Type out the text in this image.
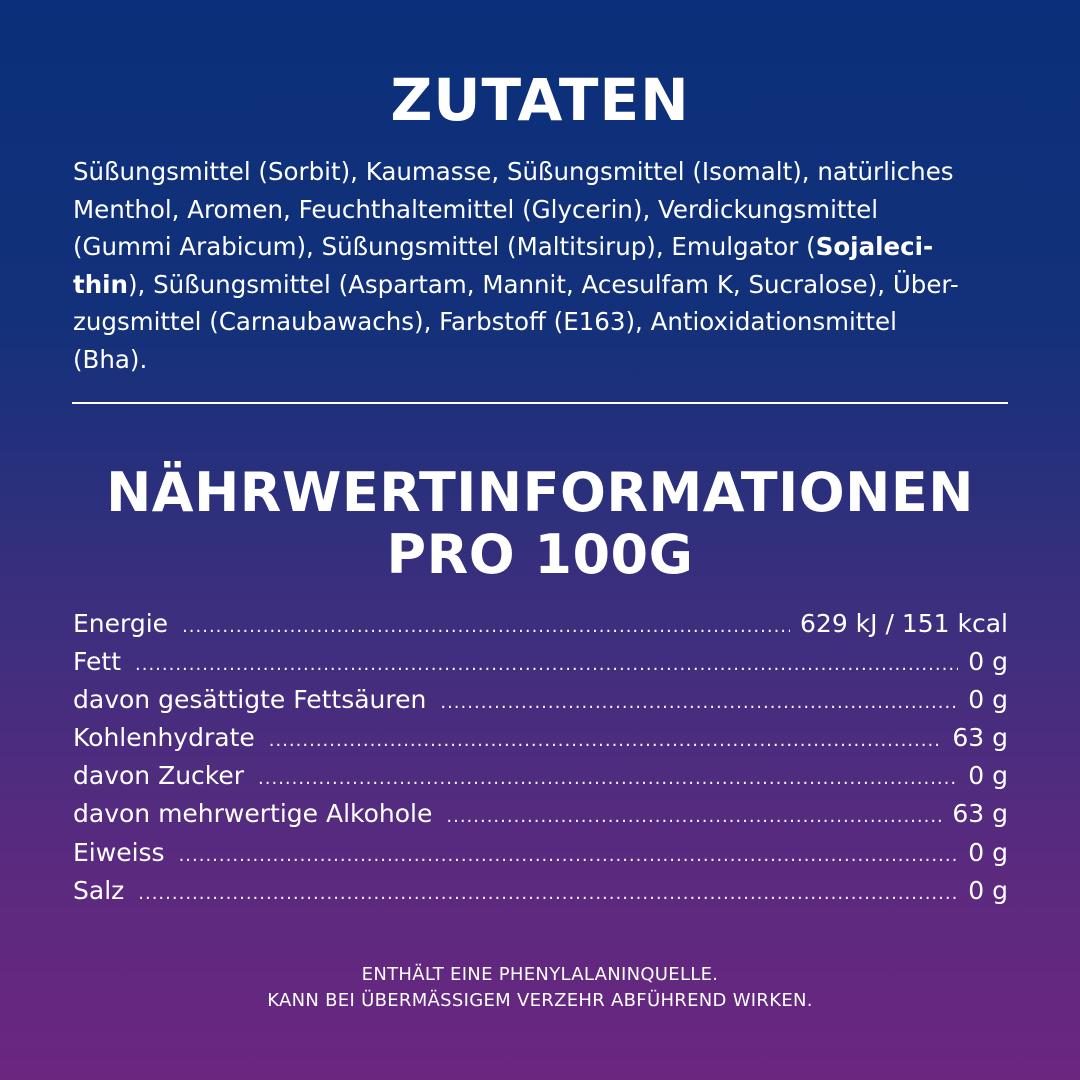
ZUTATEN
Süßungsmittel (Sorbit), Kaumasse, Süßungsmittel (Isomalt), natürliches
Menthol, Aromen, Feuchthaltemittel (Glycerin), Verdickungsmittel
(Gummi Arabicum), Süßungsmittel (Maltitsirup), Emulgator (Sojaleci-
thin), Süßungsmittel (Aspartam, Mannit, Acesulfam K, Sucralose), Über-
zugsmittel (Carnaubawachs), Farbstoff (E163), Antioxidationsmittel
(Bha).
NÄHRWERTINFORMATIONEN
PRO 100G
Energie .....	629 kJ / 151 kcal
Fett .....	0 g
davon gesättigte Fettsäuren .....	0 g
Kohlenhydrate .....	63 g
davon Zucker .....	0 g
davon mehrwertige Alkohole .....	63 g
Eiweiss .....	0 g
Salz .....	0 g
ENTHÄLT EINE PHENYLALANINQUELLE.
KANN BEI ÜBERMÄSSIGEM VERZEHR ABFÜHREND WIRKEN.
